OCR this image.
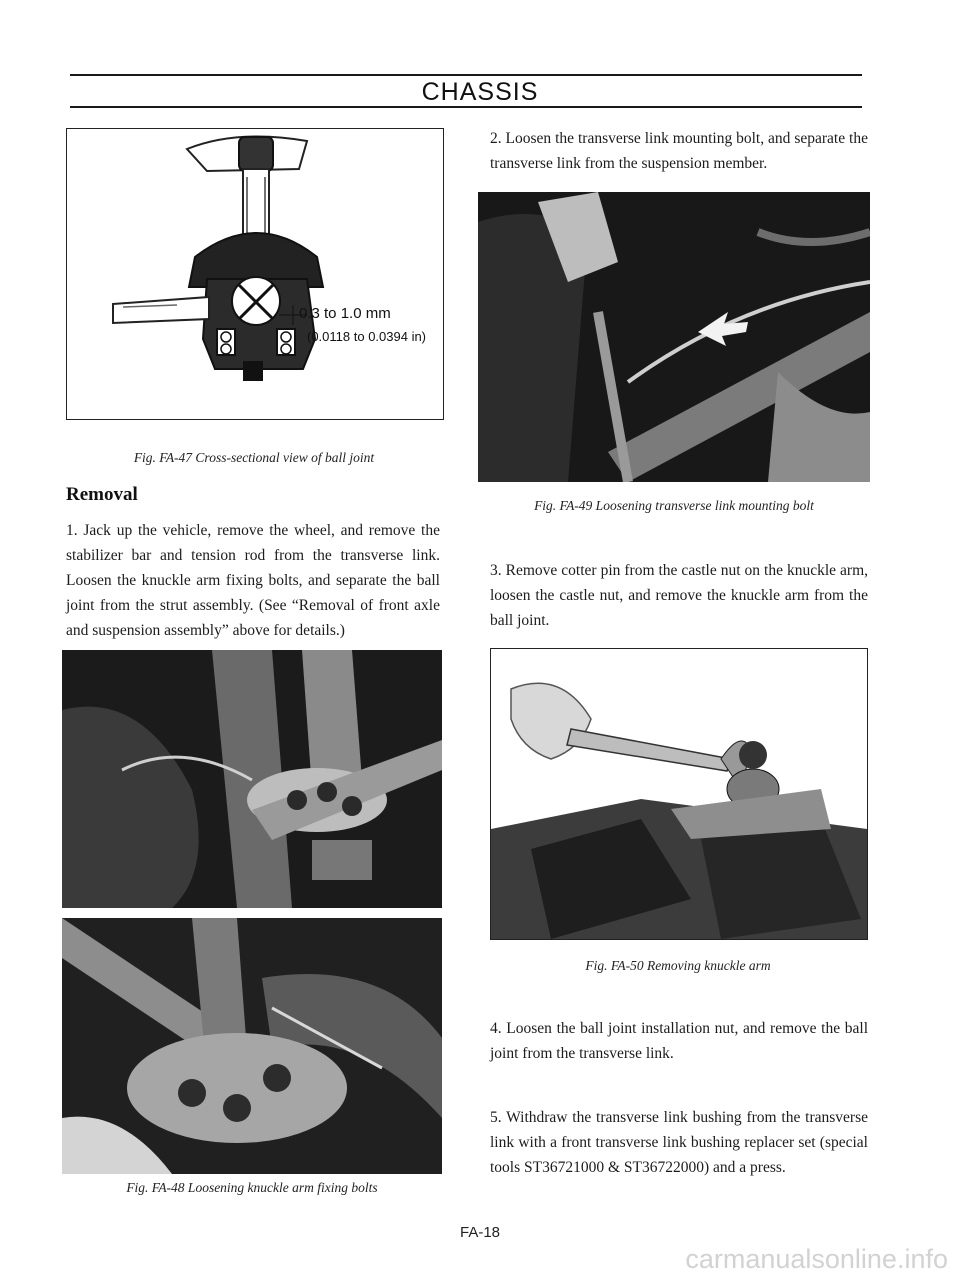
CHASSIS
0.3 to 1.0 mm
(0.0118 to 0.0394 in)
Fig. FA-47 Cross-sectional view of ball joint
Removal
1. Jack up the vehicle, remove the wheel, and remove the stabilizer bar and tension rod from the transverse link. Loosen the knuckle arm fixing bolts, and separate the ball joint from the strut assembly. (See “Removal of front axle and suspension assembly” above for details.)
Fig. FA-48 Loosening knuckle arm fixing bolts
2. Loosen the transverse link mounting bolt, and separate the transverse link from the suspension member.
Fig. FA-49 Loosening transverse link mounting bolt
3. Remove cotter pin from the castle nut on the knuckle arm, loosen the castle nut, and remove the knuckle arm from the ball joint.
Fig. FA-50 Removing knuckle arm
4. Loosen the ball joint installation nut, and remove the ball joint from the transverse link.
5. Withdraw the transverse link bushing from the transverse link with a front transverse link bushing replacer set (special tools ST36721000 & ST36722000) and a press.
FA-18
carmanualsonline.info
